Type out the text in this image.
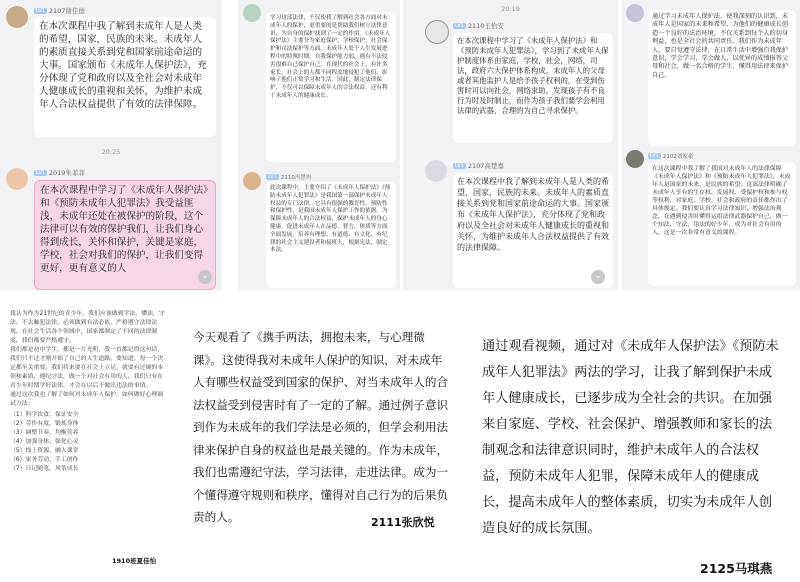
LV1 2107谢佳德

在本次课程中我了解到未成年人是人类的希望，国家，民族的未来。未成年人的素质直接关系到党和国家前途命运的大事。国家颁布《未成年人保护法》，充分体现了党和政府以及全社会对未成年人健康成长的重视和关怀，为维护未成年人合法权益提供了有效的法律保障。

20:25
LV1 2019朱菲菲

在本次课程中学习了《未成年人保护法》和《预防未成年人犯罪法》我受益匪浅，未成年还处在被保护的阶段，这个法律可以有效的保护我们，让我们身心得到成长，关怀和保护，关键是家庭，学校，社会对我们的保护，让我们变得更好，更有意义的人

⌄

学习这部法律，不仅使我了解到社会各方面对未成年人的保护，更重要的是帮助我们树立法律意识，为自身的保护找到了一定的作用。《未成年人保护法》主要分为家庭保护，学校保护，社会保护和司法保护等方面。未成年人处于人生发展进程中的特殊时期，自我保护能力弱，遇有不法侵害很难自己保护自己。在现代的社会上，有许多家长，社会上的人都不同程度地侵犯了他们，影响了他们正常学习和生活。因此，制定法律保护，不仅可以保障未成年人的合法权益，还有利于未成年人的健康成长。

LV1 2110冯思冉

此次课程中，主要介绍了《未成年人保护法》《预防未成年人犯罪法》是我国第一部保护未成年人权益的专门法律。它具有很强的教育性、预防性和保护性，是我国未成年人保护工作的依据。为保障未成年人的合法权益，保护未成年人的身心健康，促进未成年人在品德、智力、体质等方面全面发展，培养有理想、有道德、有文化、有纪律的社会主义建设者和接班人，根据宪法，制定本法。

20:19
LV1 2110王怡安

在本次课程中学习了《未成年人保护法》和《预防未成年人犯罪法》，学习到了未成年人保护制度体系由家庭，学校，社会，网络，司法，政府六大保护体系构成，未成年人的父母或者其他监护人是给予孩子权利的，在受到伤害时可以向社会，网络求助，发现孩子有不良行为时及时制止，而作为孩子我们要学会利用法律的武器，合理的为自己寻求保护。

LV1 2107高楚嘉

在本次课程中我了解到未成年人是人类的希望，国家，民族的未来。未成年人的素质直接关系到党和国家前途命运的大事。国家颁布《未成年人保护法》，充分体现了党和政府以及全社会对未成年人健康成长的重视和关怀，为维护未成年人合法权益提供了有效的法律保障。

⌄

通过学习未成年人保护法，使我深刻的认识到，未成年人是国家的未来和希望，为他们的健康成长创造一个良好的法治环境，不仅关系到每个人的切身利益，也是全社会的共同责任。我们作为未成年人，要自觉遵守法律，在日常生活中增强自我保护意识，学会学习，学会做人，以优异的成绩报答父母和社会，做一名合格的学生，懂得用法律来保护自己。

LV1 2102刘家豪

在这次课程中我了解了我国对未成年人的法律保障《未成年人保护法》和《预防未成年人犯罪法》。未成年人是国家的未来，是民族的希望，这部法律明确了未成年人享有的生存权、发展权、受保护权和参与权等权利，对家庭、学校、社会和政府的责任都作出了具体规定。我们要认真学习法律知识，增强法治观念，在遇到侵害时懂得运用法律武器保护自己，做一个知法、守法、用法的好少年，成为对社会有用的人，这是一次非常有意义的课程。

我认为作为21世纪的青少年，我们应该做到学法，懂法，守法。不去触犯法律，必须做到有法必依，严格遵守法律法规。在社会生活各个领域中，国家都制定了不同的法律制度，我们都要严格遵守。
我们都是初中学生，都是一片光明，我一直都记得这句话，我们只不过才刚开始了自己的人生道路。要知道，每一个决定都至关重要。我们将来要在社会上立足，就要有过硬的本领和素质，遵纪守法，做一个对社会有用的人。我们只有在青少年时期学好法律，才会在以后不做出违法的事情。
通过这次我也了解了如何对未成年人保护，如何做好心理调试方法：

（1）科学饮食，保证安全
（2）劳作有度，锻炼身体
（3）调整节奏，均衡营养
（4）加强身体，强化心灵
（5）线上资源，融入课堂
（6）家务劳动，手工创作
（7）日记随笔，风筝成长
1910班夏佳怡

今天观看了《携手两法，拥抱未来，与心理微课》。这使得我对未成年人保护的知识，对未成年人有哪些权益受到国家的保护、对当未成年人的合法权益受到侵害时有了一定的了解。通过例子意识到作为未成年的我们学法是必须的，但学会利用法律来保护自身的权益也是最关键的。作为未成年，我们也需遵纪守法，学习法律，走进法律。成为一个懂得遵守规则和秩序，懂得对自己行为的后果负责的人。	2111张欣悦

通过观看视频，通过对《未成年人保护法》《预防未成年人犯罪法》两法的学习，让我了解到保护未成年人健康成长，已逐步成为全社会的共识。在加强来自家庭、学校、社会保护、增强教师和家长的法制观念和法律意识同时，维护未成年人的合法权益，预防未成年人犯罪，保障未成年人的健康成长，提高未成年人的整体素质，切实为未成年人创造良好的成长氛围。

2125马琪燕
